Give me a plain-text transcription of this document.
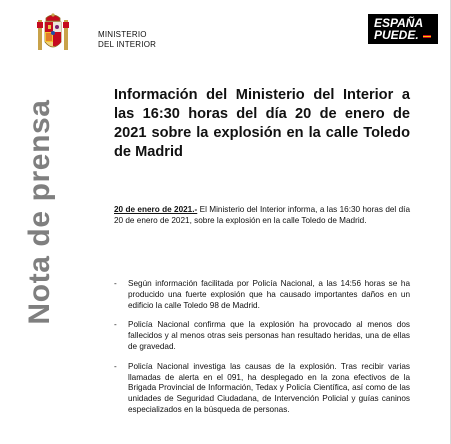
MINISTERIO
DEL INTERIOR
ESPAÑA
PUEDE.
Nota de prensa
Información del Ministerio del Interior a las 16:30 horas del día 20 de enero de 2021 sobre la explosión en la calle Toledo de Madrid

20 de enero de 2021.- El Ministerio del Interior informa, a las 16:30 horas del día 20 de enero de 2021, sobre la explosión en la calle Toledo de Madrid.

- Según información facilitada por Policía Nacional, a las 14:56 horas se ha producido una fuerte explosión que ha causado importantes daños en un edificio la calle Toledo 98 de Madrid.
- Policía Nacional confirma que la explosión ha provocado al menos dos fallecidos y al menos otras seis personas han resultado heridas, una de ellas de gravedad.
- Policía Nacional investiga las causas de la explosión. Tras recibir varias llamadas de alerta en el 091, ha desplegado en la zona efectivos de la Brigada Provincial de Información, Tedax y Policía Científica, así como de las unidades de Seguridad Ciudadana, de Intervención Policial y guías caninos especializados en la búsqueda de personas.
